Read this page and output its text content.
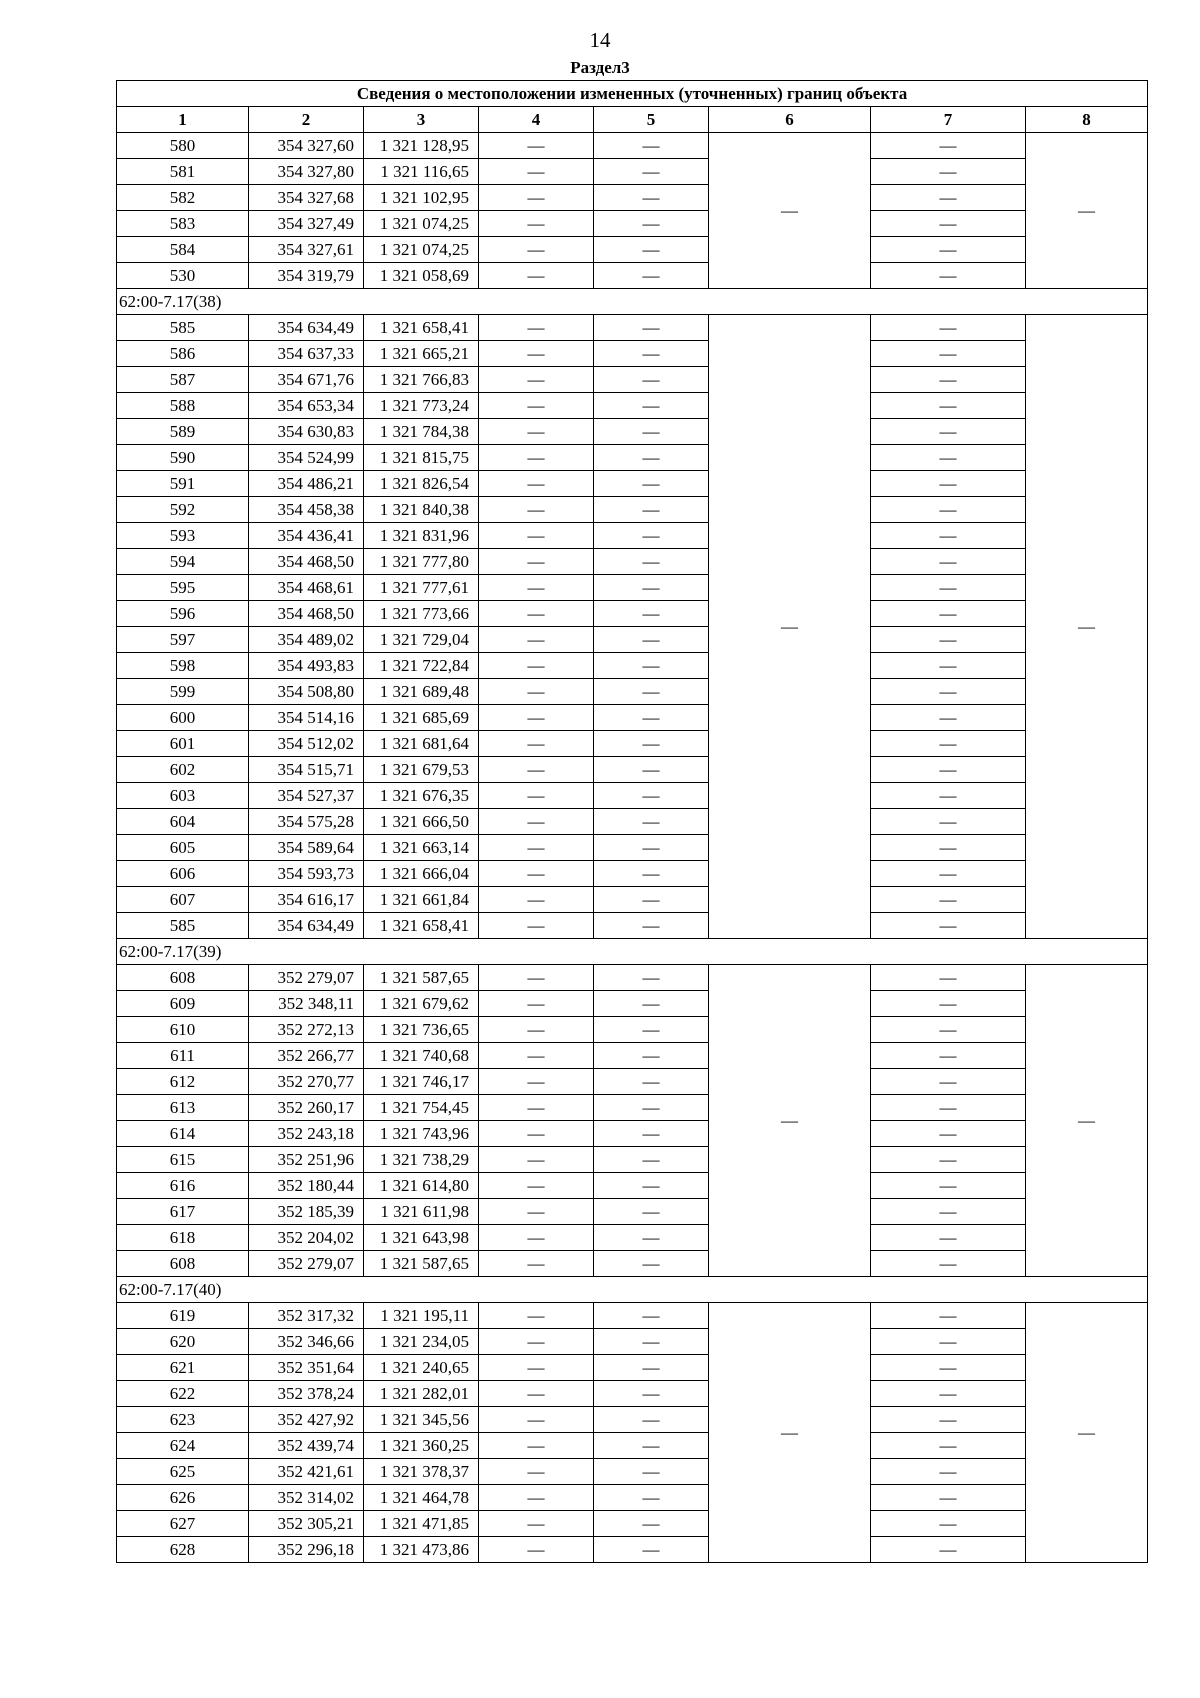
14
Раздел3
Сведения о местоположении измененных (уточненных) границ объекта							
1	2	3	4	5	6	7	8
580	354 327,60	1 321 128,95	—	—	—	—	—
581	354 327,80	1 321 116,65	—	—		—	
582	354 327,68	1 321 102,95	—	—		—	
583	354 327,49	1 321 074,25	—	—		—	
584	354 327,61	1 321 074,25	—	—		—	
530	354 319,79	1 321 058,69	—	—		—	
62:00-7.17(38)							
585	354 634,49	1 321 658,41	—	—	—	—	—
586	354 637,33	1 321 665,21	—	—		—	
587	354 671,76	1 321 766,83	—	—		—	
588	354 653,34	1 321 773,24	—	—		—	
589	354 630,83	1 321 784,38	—	—		—	
590	354 524,99	1 321 815,75	—	—		—	
591	354 486,21	1 321 826,54	—	—		—	
592	354 458,38	1 321 840,38	—	—		—	
593	354 436,41	1 321 831,96	—	—		—	
594	354 468,50	1 321 777,80	—	—		—	
595	354 468,61	1 321 777,61	—	—		—	
596	354 468,50	1 321 773,66	—	—		—	
597	354 489,02	1 321 729,04	—	—		—	
598	354 493,83	1 321 722,84	—	—		—	
599	354 508,80	1 321 689,48	—	—		—	
600	354 514,16	1 321 685,69	—	—		—	
601	354 512,02	1 321 681,64	—	—		—	
602	354 515,71	1 321 679,53	—	—		—	
603	354 527,37	1 321 676,35	—	—		—	
604	354 575,28	1 321 666,50	—	—		—	
605	354 589,64	1 321 663,14	—	—		—	
606	354 593,73	1 321 666,04	—	—		—	
607	354 616,17	1 321 661,84	—	—		—	
585	354 634,49	1 321 658,41	—	—		—	
62:00-7.17(39)							
608	352 279,07	1 321 587,65	—	—	—	—	—
609	352 348,11	1 321 679,62	—	—		—	
610	352 272,13	1 321 736,65	—	—		—	
611	352 266,77	1 321 740,68	—	—		—	
612	352 270,77	1 321 746,17	—	—		—	
613	352 260,17	1 321 754,45	—	—		—	
614	352 243,18	1 321 743,96	—	—		—	
615	352 251,96	1 321 738,29	—	—		—	
616	352 180,44	1 321 614,80	—	—		—	
617	352 185,39	1 321 611,98	—	—		—	
618	352 204,02	1 321 643,98	—	—		—	
608	352 279,07	1 321 587,65	—	—		—	
62:00-7.17(40)							
619	352 317,32	1 321 195,11	—	—	—	—	—
620	352 346,66	1 321 234,05	—	—		—	
621	352 351,64	1 321 240,65	—	—		—	
622	352 378,24	1 321 282,01	—	—		—	
623	352 427,92	1 321 345,56	—	—		—	
624	352 439,74	1 321 360,25	—	—		—	
625	352 421,61	1 321 378,37	—	—		—	
626	352 314,02	1 321 464,78	—	—		—	
627	352 305,21	1 321 471,85	—	—		—	
628	352 296,18	1 321 473,86	—	—		—	
